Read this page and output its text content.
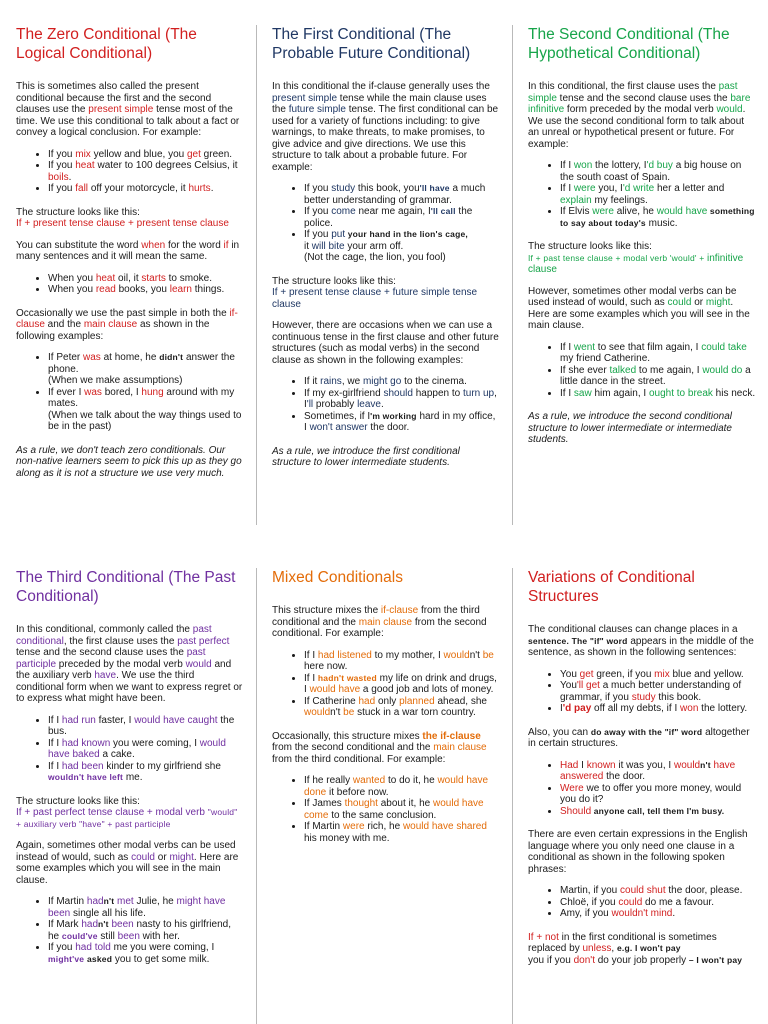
The Zero Conditional (The Logical Conditional)

This is sometimes also called the present conditional because the first and the second clauses use the present simple tense most of the time. We use this conditional to talk about a fact or convey a logical conclusion. For example:

• If you mix yellow and blue, you get green.
• If you heat water to 100 degrees Celsius, it boils.
• If you fall off your motorcycle, it hurts.

The structure looks like this:
If + present tense clause + present tense clause

You can substitute the word when for the word if in many sentences and it will mean the same.

• When you heat oil, it starts to smoke.
• When you read books, you learn things.

Occasionally we use the past simple in both the if-clause and the main clause as shown in the following examples:

• If Peter was at home, he didn't answer the phone.
(When we make assumptions)
• If ever I was bored, I hung around with my mates.
(When we talk about the way things used to be in the past)

As a rule, we don't teach zero conditionals. Our non-native learners seem to pick this up as they go along as it is not a structure we use very much.

The First Conditional (The Probable Future Conditional)

In this conditional the if-clause generally uses the present simple tense while the main clause uses the future simple tense. The first conditional can be used for a variety of functions including: to give warnings, to make threats, to make promises, to give advice and give directions. We use this structure to talk about a probable future. For example:

• If you study this book, you'll have a much better understanding of grammar.
• If you come near me again, I'll call the police.
• If you put your hand in the lion's cage,
it will bite your arm off.
(Not the cage, the lion, you fool)

The structure looks like this:
If + present tense clause + future simple tense clause

However, there are occasions when we can use a continuous tense in the first clause and other future structures (such as modal verbs) in the second clause as shown in the following examples:

• If it rains, we might go to the cinema.
• If my ex-girlfriend should happen to turn up, I'll probably leave.
• Sometimes, if I'm working hard in my office, I won't answer the door.

As a rule, we introduce the first conditional structure to lower intermediate students.

The Second Conditional (The Hypothetical Conditional)

In this conditional, the first clause uses the past simple tense and the second clause uses the bare infinitive form preceded by the modal verb would. We use the second conditional form to talk about an unreal or hypothetical present or future. For example:

• If I won the lottery, I'd buy a big house on the south coast of Spain.
• If I were you, I'd write her a letter and explain my feelings.
• If Elvis were alive, he would have something to say about today's music.

The structure looks like this:
If + past tense clause + modal verb 'would' + infinitive clause

However, sometimes other modal verbs can be used instead of would, such as could or might. Here are some examples which you will see in the main clause.

• If I went to see that film again, I could take my friend Catherine.
• If she ever talked to me again, I would do a little dance in the street.
• If I saw him again, I ought to break his neck.

As a rule, we introduce the second conditional structure to lower intermediate or intermediate students.

The Third Conditional (The Past Conditional)

In this conditional, commonly called the past conditional, the first clause uses the past perfect tense and the second clause uses the past participle preceded by the modal verb would and the auxiliary verb have. We use the third conditional form when we want to express regret or to express what might have been.

• If I had run faster, I would have caught the bus.
• If I had known you were coming, I would have baked a cake.
• If I had been kinder to my girlfriend she wouldn't have left me.

The structure looks like this:
If + past perfect tense clause + modal verb "would" + auxiliary verb "have" + past participle

Again, sometimes other modal verbs can be used instead of would, such as could or might. Here are some examples which you will see in the main clause.

• If Martin hadn't met Julie, he might have been single all his life.
• If Mark hadn't been nasty to his girlfriend, he could've still been with her.
• If you had told me you were coming, I might've asked you to get some milk.
Mixed Conditionals

This structure mixes the if-clause from the third conditional and the main clause from the second conditional. For example:

• If I had listened to my mother, I wouldn't be here now.
• If I hadn't wasted my life on drink and drugs, I would have a good job and lots of money.
• If Catherine had only planned ahead, she wouldn't be stuck in a war torn country.

Occasionally, this structure mixes the if-clause from the second conditional and the main clause from the third conditional. For example:

• If he really wanted to do it, he would have done it before now.
• If James thought about it, he would have come to the same conclusion.
• If Martin were rich, he would have shared his money with me.
Variations of Conditional Structures

The conditional clauses can change places in a sentence. The "if" word appears in the middle of the sentence, as shown in the following sentences:

• You get green, if you mix blue and yellow.
• You'll get a much better understanding of grammar, if you study this book.
• I'd pay off all my debts, if I won the lottery.

Also, you can do away with the "if" word altogether in certain structures.

• Had I known it was you, I wouldn't have answered the door.
• Were we to offer you more money, would you do it?
• Should anyone call, tell them I'm busy.

There are even certain expressions in the English language where you only need one clause in a conditional as shown in the following spoken phrases:

• Martin, if you could shut the door, please.
• Chloë, if you could do me a favour.
• Amy, if you wouldn't mind.

If + not in the first conditional is sometimes replaced by unless, e.g. I won't pay
you if you don't do your job properly – I won't pay
